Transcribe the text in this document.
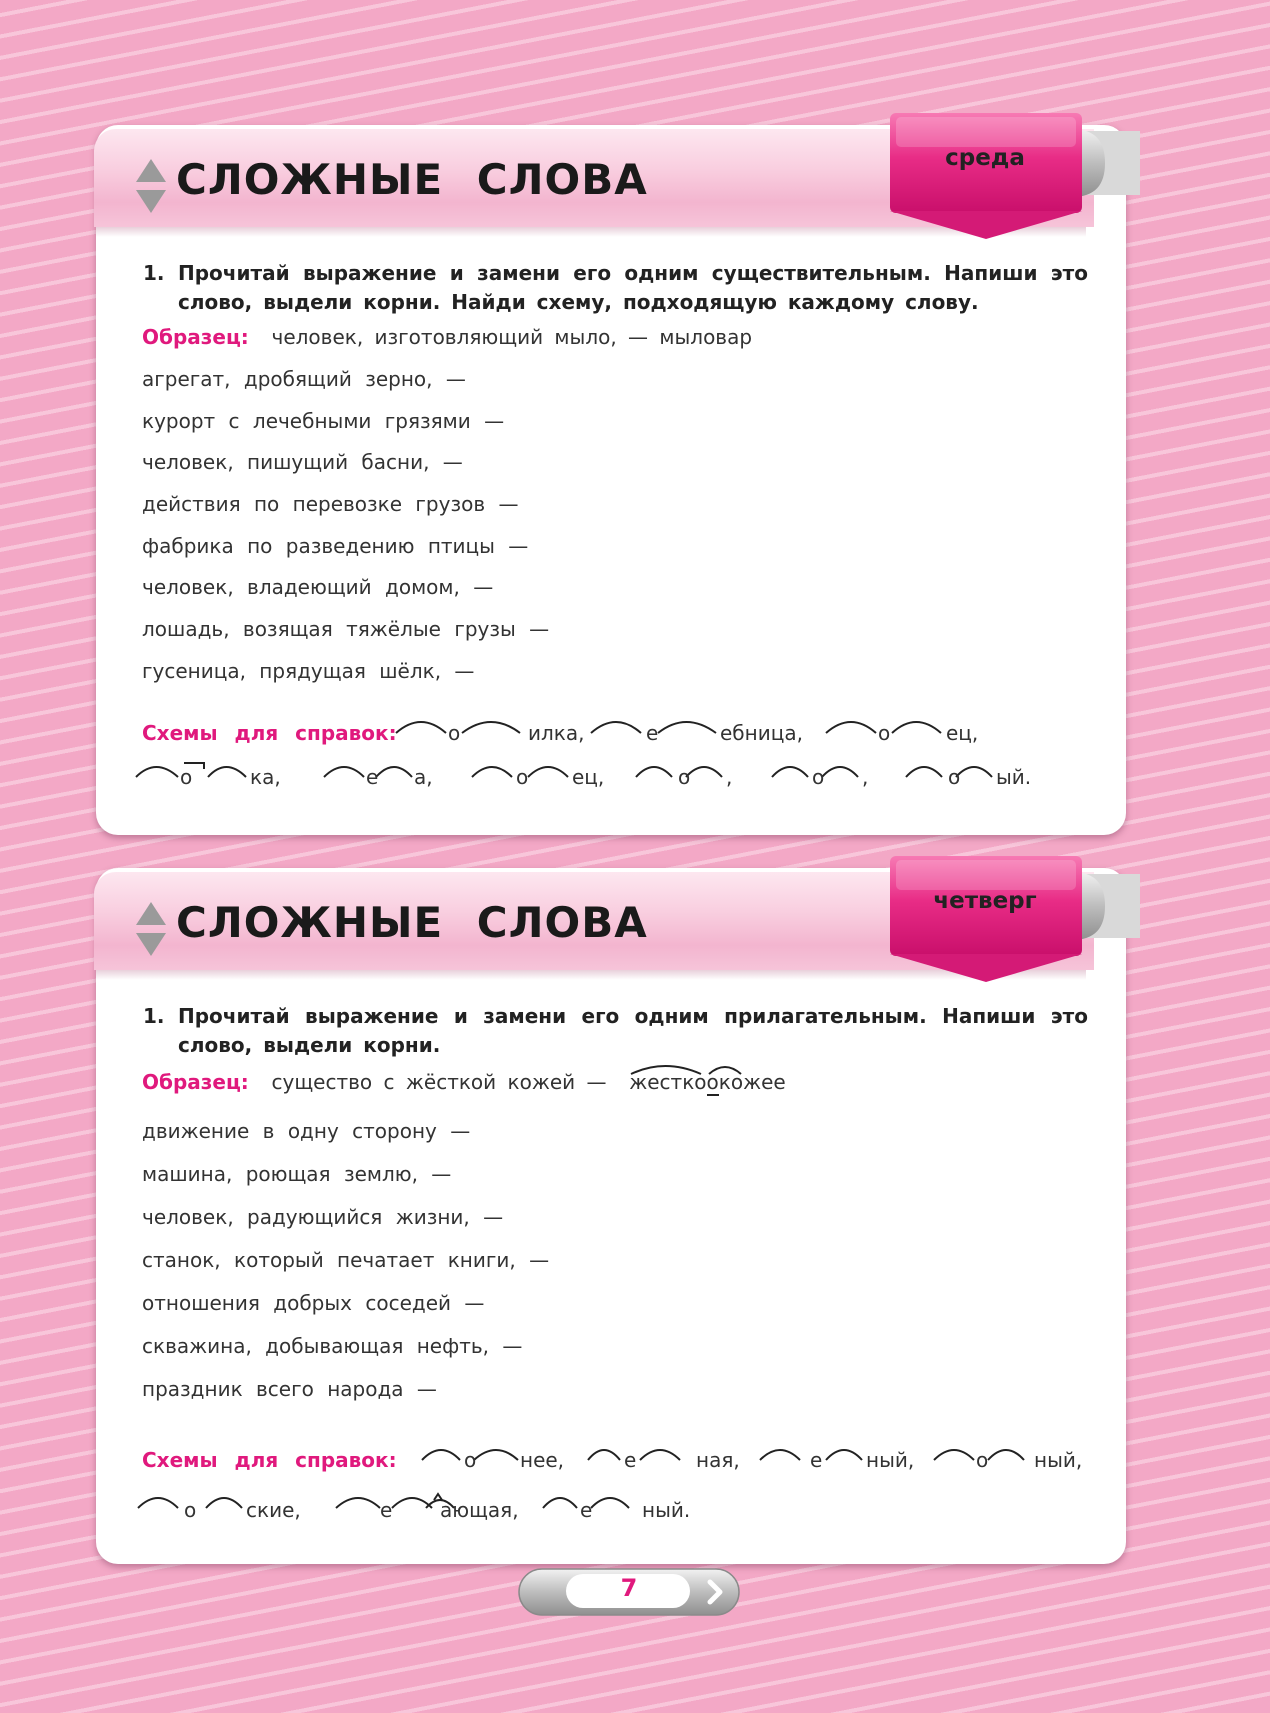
СЛОЖНЫЕ СЛОВА	среда
1. Прочитай выражение и замени его одним существительным. Напиши это слово, выдели корни. Найди схему, подходящую каждому слову.
Образец:
человек, изготовляющий мыло, — мыловар
агрегат, дробящий зерно, —
курорт с лечебными грязями —
человек, пишущий басни, —
действия по перевозке грузов —
фабрика по разведению птицы —
человек, владеющий домом, —
лошадь, возящая тяжёлые грузы —
гусеница, прядущая шёлк, —
Схемы для справок:	о	илка,	е	ебница,	о	ец,
о	ка,	е а,	о ец,	о ,	о ,	о ый.
СЛОЖНЫЕ СЛОВА	четверг
1. Прочитай выражение и замени его одним прилагательным. Напиши это слово, выдели корни.
Образец:
существо с жёсткой кожей —
жесткоокожее
движение в одну сторону —
машина, роющая землю, —
человек, радующийся жизни, —
станок, который печатает книги, —
отношения добрых соседей —
скважина, добывающая нефть, —
праздник всего народа —
Схемы для справок:	о нее,	е	ная,	е ный,	о ный,
о ские,	е ающая,	е ный.
7
